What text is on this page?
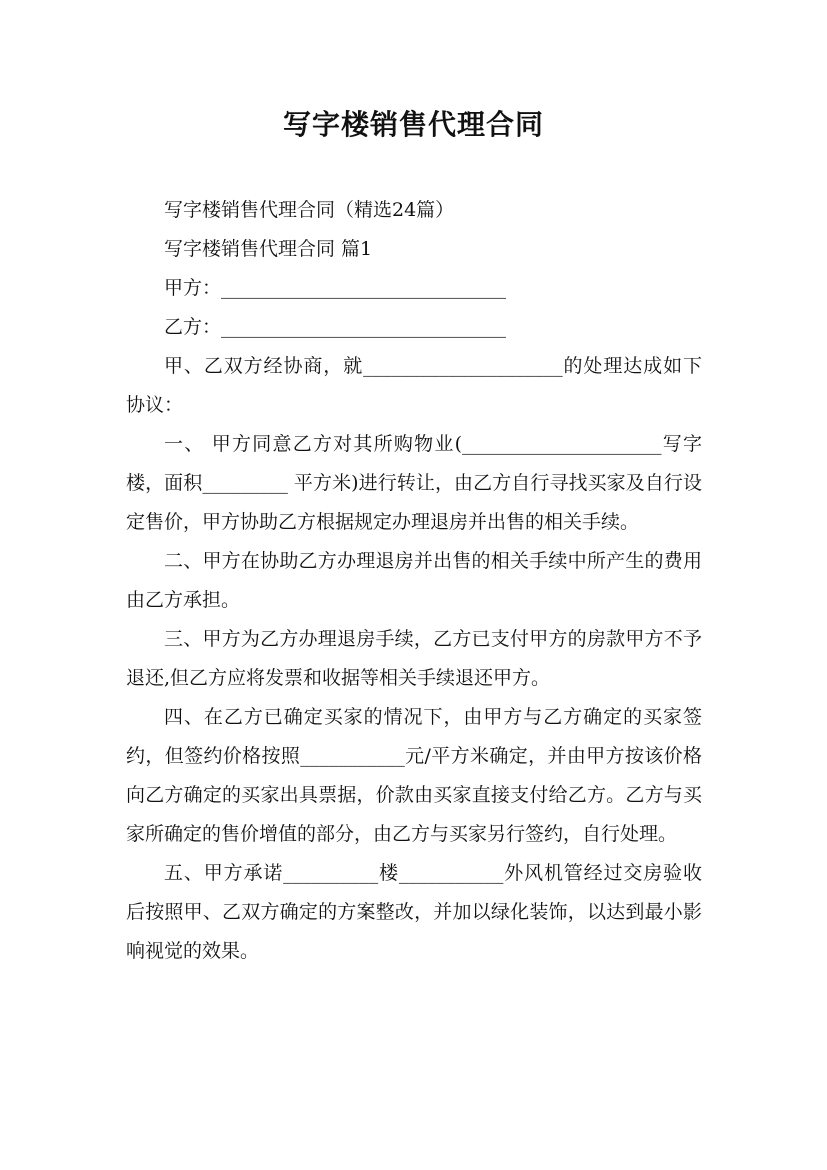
写字楼销售代理合同

写字楼销售代理合同（精选24篇）

写字楼销售代理合同 篇1

甲方：______________________________

乙方：______________________________

甲、乙双方经协商，就_____________________的处理达成如下协议：

一、 甲方同意乙方对其所购物业(_____________________写字楼，面积_________ 平方米)进行转让，由乙方自行寻找买家及自行设定售价，甲方协助乙方根据规定办理退房并出售的相关手续。

二、甲方在协助乙方办理退房并出售的相关手续中所产生的费用由乙方承担。

三、甲方为乙方办理退房手续，乙方已支付甲方的房款甲方不予退还,但乙方应将发票和收据等相关手续退还甲方。

四、在乙方已确定买家的情况下，由甲方与乙方确定的买家签约，但签约价格按照___________元/平方米确定，并由甲方按该价格向乙方确定的买家出具票据，价款由买家直接支付给乙方。乙方与买家所确定的售价增值的部分，由乙方与买家另行签约，自行处理。

五、甲方承诺__________楼___________外风机管经过交房验收后按照甲、乙双方确定的方案整改，并加以绿化装饰，以达到最小影响视觉的效果。
